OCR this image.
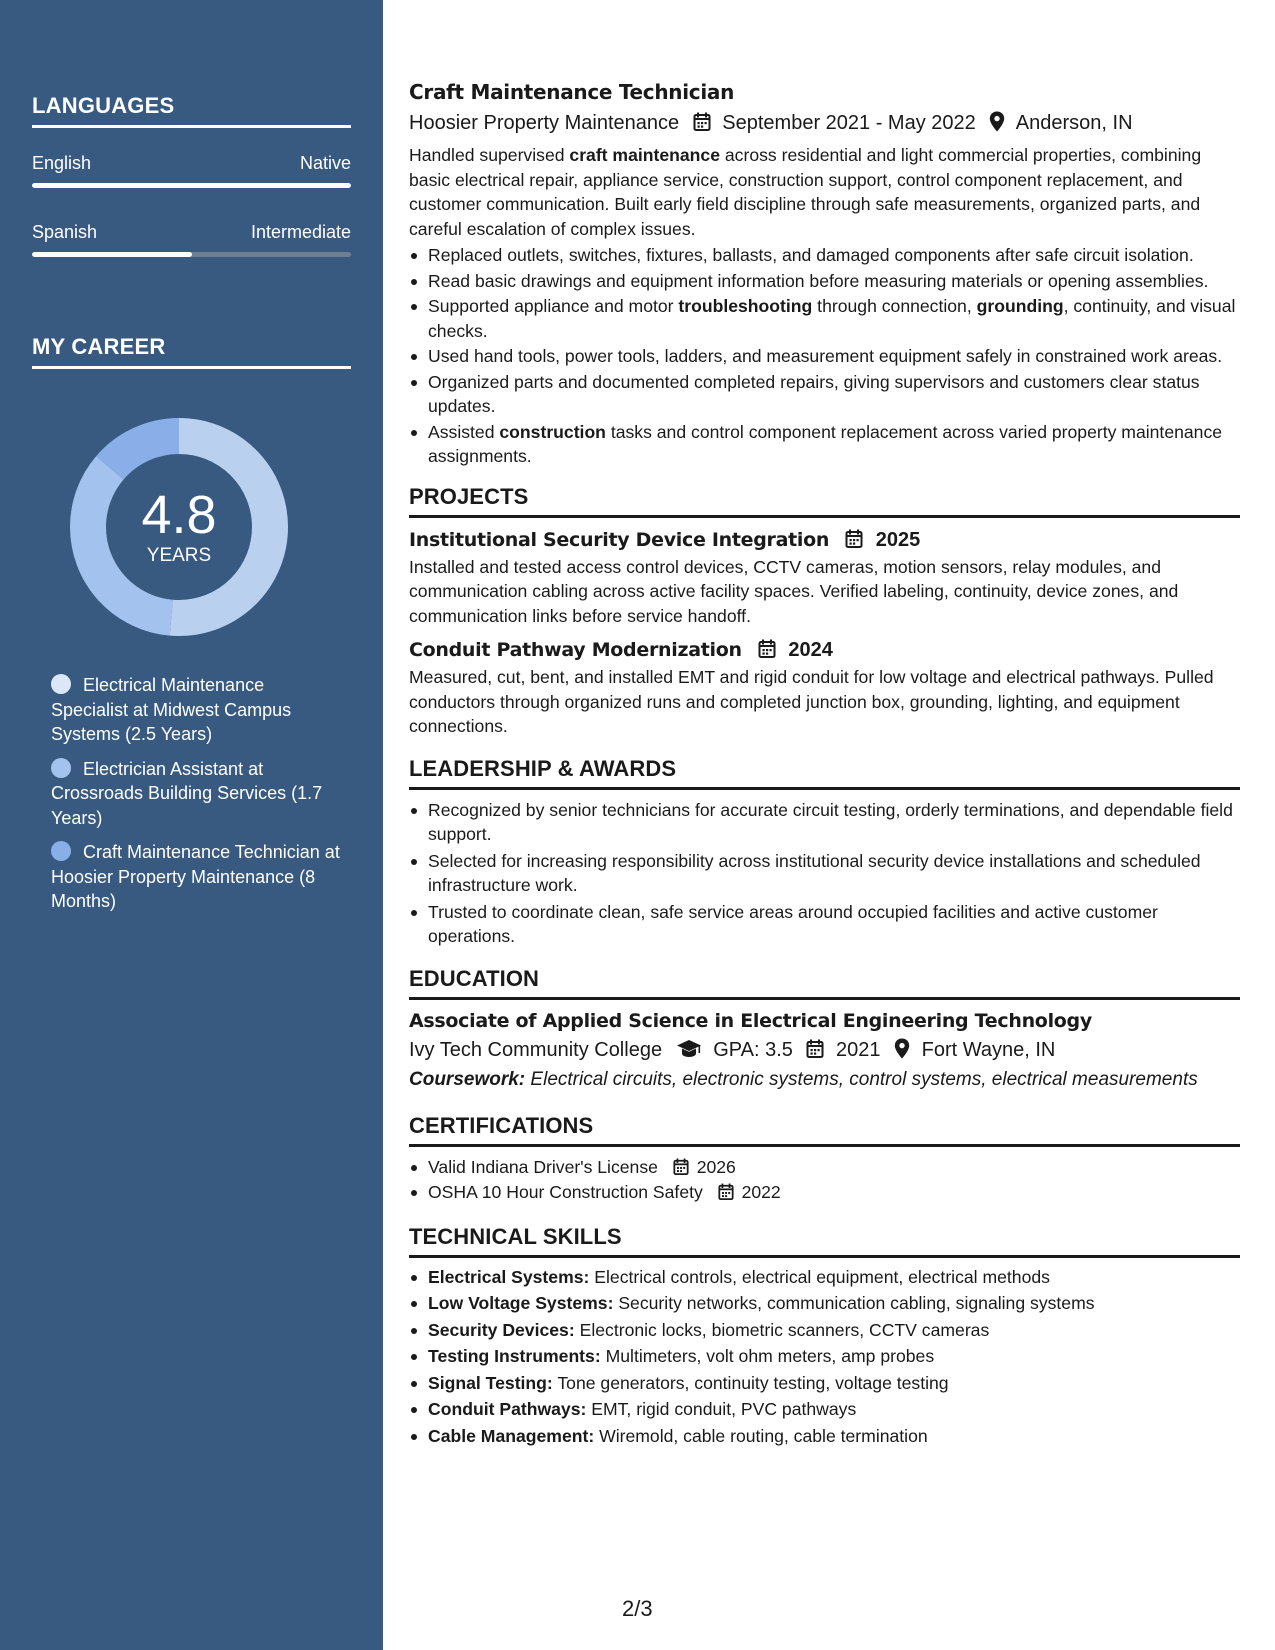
LANGUAGES
English	Native
Spanish	Intermediate
MY CAREER
4.8
YEARS
Electrical Maintenance Specialist at Midwest Campus Systems (2.5 Years)
Electrician Assistant at Crossroads Building Services (1.7 Years)
Craft Maintenance Technician at Hoosier Property Maintenance (8 Months)
Craft Maintenance Technician
Hoosier Property Maintenance September 2021 - May 2022 Anderson, IN

Handled supervised craft maintenance across residential and light commercial properties, combining basic electrical repair, appliance service, construction support, control component replacement, and customer communication. Built early field discipline through safe measurements, organized parts, and careful escalation of complex issues.

Replaced outlets, switches, fixtures, ballasts, and damaged components after safe circuit isolation.
Read basic drawings and equipment information before measuring materials or opening assemblies.
Supported appliance and motor troubleshooting through connection, grounding, continuity, and visual checks.
Used hand tools, power tools, ladders, and measurement equipment safely in constrained work areas.
Organized parts and documented completed repairs, giving supervisors and customers clear status updates.
Assisted construction tasks and control component replacement across varied property maintenance assignments.
PROJECTS
Institutional Security Device Integration 2025

Installed and tested access control devices, CCTV cameras, motion sensors, relay modules, and communication cabling across active facility spaces. Verified labeling, continuity, device zones, and communication links before service handoff.

Conduit Pathway Modernization 2024

Measured, cut, bent, and installed EMT and rigid conduit for low voltage and electrical pathways. Pulled conductors through organized runs and completed junction box, grounding, lighting, and equipment connections.

LEADERSHIP & AWARDS
Recognized by senior technicians for accurate circuit testing, orderly terminations, and dependable field support.
Selected for increasing responsibility across institutional security device installations and scheduled infrastructure work.
Trusted to coordinate clean, safe service areas around occupied facilities and active customer operations.
EDUCATION
Associate of Applied Science in Electrical Engineering Technology
Ivy Tech Community College	GPA: 3.5 2021 Fort Wayne, IN

Coursework: Electrical circuits, electronic systems, control systems, electrical measurements

CERTIFICATIONS
Valid Indiana Driver's License 2026
OSHA 10 Hour Construction Safety 2022
TECHNICAL SKILLS
Electrical Systems: Electrical controls, electrical equipment, electrical methods
Low Voltage Systems: Security networks, communication cabling, signaling systems
Security Devices: Electronic locks, biometric scanners, CCTV cameras
Testing Instruments: Multimeters, volt ohm meters, amp probes
Signal Testing: Tone generators, continuity testing, voltage testing
Conduit Pathways: EMT, rigid conduit, PVC pathways
Cable Management: Wiremold, cable routing, cable termination
2/3
